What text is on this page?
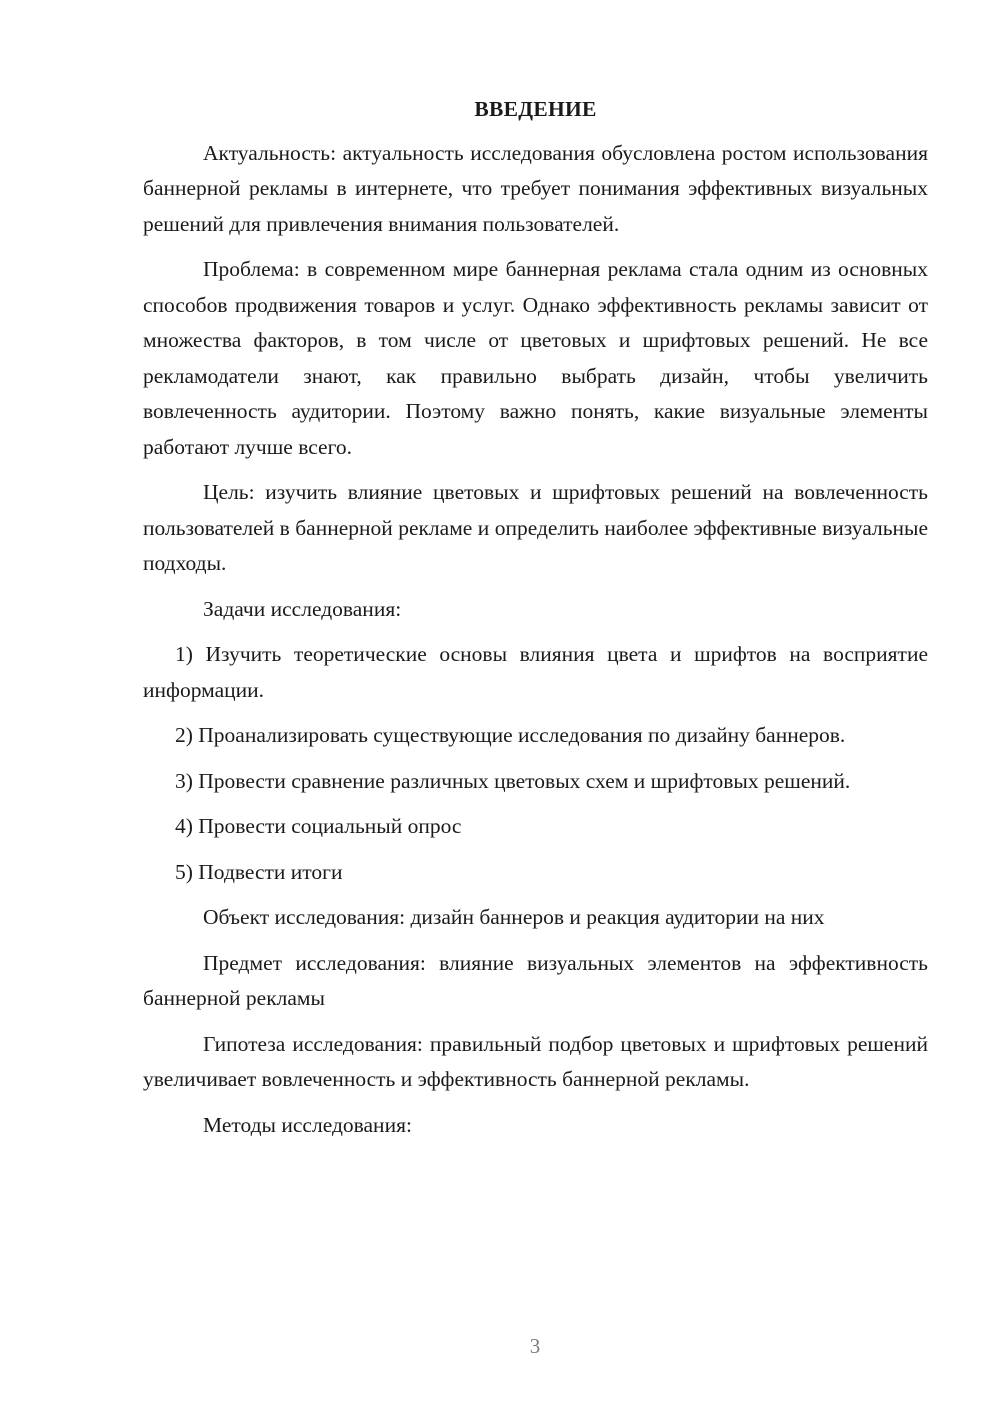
ВВЕДЕНИЕ

Актуальность: актуальность исследования обусловлена ростом использования баннерной рекламы в интернете, что требует понимания эффективных визуальных решений для привлечения внимания пользователей.

Проблема: в современном мире баннерная реклама стала одним из основных способов продвижения товаров и услуг. Однако эффективность рекламы зависит от множества факторов, в том числе от цветовых и шрифтовых решений. Не все рекламодатели знают, как правильно выбрать дизайн, чтобы увеличить вовлеченность аудитории. Поэтому важно понять, какие визуальные элементы работают лучше всего.

Цель: изучить влияние цветовых и шрифтовых решений на вовлеченность пользователей в баннерной рекламе и определить наиболее эффективные визуальные подходы.

Задачи исследования:

1) Изучить теоретические основы влияния цвета и шрифтов на восприятие информации.

2) Проанализировать существующие исследования по дизайну баннеров.

3) Провести сравнение различных цветовых схем и шрифтовых решений.

4) Провести социальный опрос

5) Подвести итоги

Объект исследования: дизайн баннеров и реакция аудитории на них

Предмет исследования: влияние визуальных элементов на эффективность баннерной рекламы

Гипотеза исследования: правильный подбор цветовых и шрифтовых решений увеличивает вовлеченность и эффективность баннерной рекламы.

Методы исследования:

3
